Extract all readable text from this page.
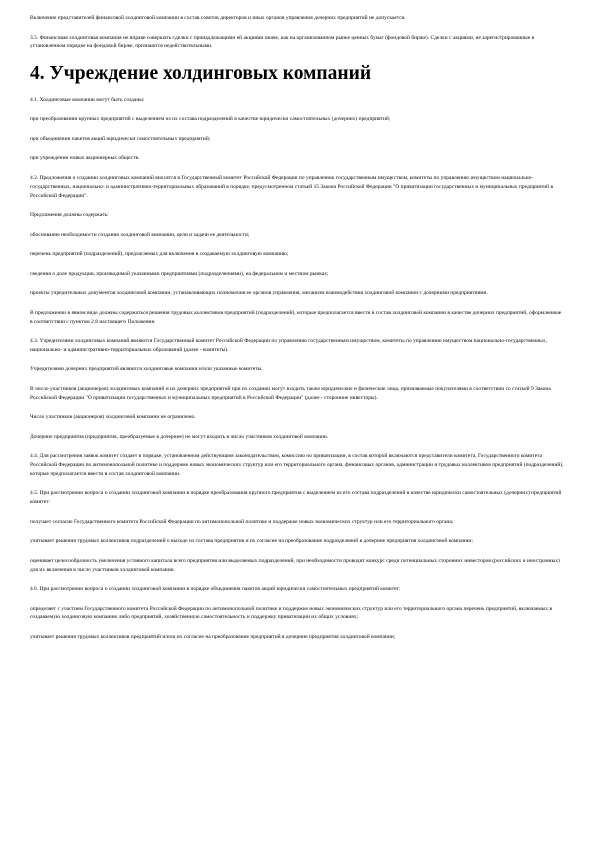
Включение представителей финансовой холдинговой компании в состав советов директоров и иных органов управления дочерних предприятий не допускается.

3.5. Финансовая холдинговая компания не вправе совершать сделки с принадлежащими ей акциями иначе, как на организованном рынке ценных бумаг (фондовой бирже). Сделки с акциями, не зарегистрированные в установленном порядке на фондовой бирже, признаются недействительными.

4. Учреждение холдинговых компаний

4.1. Холдинговые компании могут быть созданы:

при преобразовании крупных предприятий с выделением из их состава подразделений в качестве юридически самостоятельных (дочерних) предприятий;

при объединении пакетов акций юридически самостоятельных предприятий;

при учреждении новых акционерных обществ.

4.2. Предложения о создании холдинговых компаний вносятся в Государственный комитет Российской Федерации по управлению государственным имуществом, комитеты по управлению имуществом национально-государственных, национально- и административно-территориальных образований в порядке, предусмотренном статьей 15 Закона Российской Федерации "О приватизации государственных и муниципальных предприятий в Российской Федерации".

Предложения должны содержать:

обоснование необходимости создания холдинговой компании, цели и задачи ее деятельности;

перечень предприятий (подразделений), предлагаемых для включения в создаваемую холдинговую компанию;

сведения о доле продукции, производимой указанными предприятиями (подразделениями), на федеральном и местном рынках;

проекты учредительных документов холдинговой компании, устанавливающих полномочия ее органов управления, механизм взаимодействия холдинговой компании с дочерними предприятиями.

В предложении в явном виде должны содержаться решения трудовых коллективов предприятий (подразделений), которые предполагается ввести в состав холдинговой компании в качестве дочерних предприятий, оформленные в соответствии с пунктом 2.8 настоящего Положения.

4.3. Учредителями холдинговых компаний являются Государственный комитет Российской Федерации по управлению государственным имуществом, комитеты по управлению имуществом национально-государственных, национально- и административно-территориальных образований (далее - комитеты).

Учредителями дочерних предприятий являются холдинговые компании и/или указанные комитеты.

В число участников (акционеров) холдинговых компаний и их дочерних предприятий при их создании могут входить также юридические и физические лица, признаваемые покупателями в соответствии со статьей 9 Закона Российской Федерации "О приватизации государственных и муниципальных предприятий в Российской Федерации" (далее - сторонние инвесторы).

Число участников (акционеров) холдинговой компании не ограничено.

Дочерние предприятия (предприятия, преобразуемые в дочерние) не могут входить в число участников холдинговой компании.

4.4. Для рассмотрения заявок комитет создает в порядке, установленном действующим законодательством, комиссию по приватизации, в состав которой включаются представители комитета, Государственного комитета Российской Федерации по антимонопольной политике и поддержке новых экономических структур или его территориального органа, финансовых органов, администрации и трудовых коллективов предприятий (подразделений), которые предполагается ввести в состав холдинговой компании.

4.5. При рассмотрении вопроса о создании холдинговой компании в порядке преобразования крупного предприятия с выделением из его состава подразделений в качестве юридически самостоятельных (дочерних) предприятий комитет:

получает согласие Государственного комитета Российской Федерации по антимонопольной политике и поддержке новых экономических структур или его территориального органа;

учитывает решения трудовых коллективов подразделений о выходе из состава предприятия и их согласие на преобразование подразделений в дочерние предприятия холдинговой компании;

оценивает целесообразность увеличения уставного капитала всего предприятия или выделяемых подразделений, при необходимости проводит конкурс среди потенциальных сторонних инвесторов (российских и иностранных) для их включения в число участников холдинговой компании.

4.6. При рассмотрении вопроса о создании холдинговой компании в порядке объединения пакетов акций юридически самостоятельных предприятий комитет:

определяет с участием Государственного комитета Российской Федерации по антимонопольной политике и поддержке новых экономических структур или его территориального органа перечень предприятий, включаемых в создаваемую холдинговую компанию либо предприятий, хозяйственную самостоятельность и поддержку приватизации их общих условиях;

учитывает решения трудовых коллективов предприятий и/или их согласие на преобразование предприятий в дочерние предприятия холдинговой компании;
